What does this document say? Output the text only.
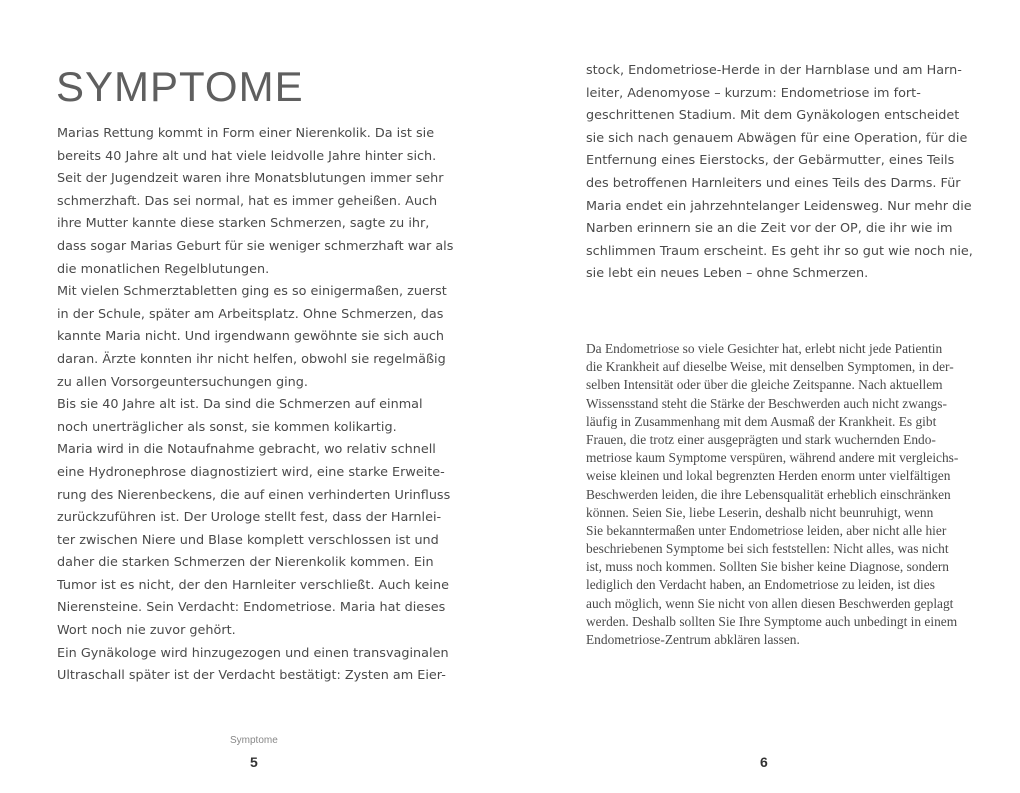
SYMPTOME
Marias Rettung kommt in Form einer Nierenkolik. Da ist sie
bereits 40 Jahre alt und hat viele leidvolle Jahre hinter sich.
Seit der Jugendzeit waren ihre Monatsblutungen immer sehr
schmerzhaft. Das sei normal, hat es immer geheißen. Auch
ihre Mutter kannte diese starken Schmerzen, sagte zu ihr,
dass sogar Marias Geburt für sie weniger schmerzhaft war als
die monatlichen Regelblutungen.
Mit vielen Schmerztabletten ging es so einigermaßen, zuerst
in der Schule, später am Arbeitsplatz. Ohne Schmerzen, das
kannte Maria nicht. Und irgendwann gewöhnte sie sich auch
daran. Ärzte konnten ihr nicht helfen, obwohl sie regelmäßig
zu allen Vorsorgeuntersuchungen ging.
Bis sie 40 Jahre alt ist. Da sind die Schmerzen auf einmal
noch unerträglicher als sonst, sie kommen kolikartig.
Maria wird in die Notaufnahme gebracht, wo relativ schnell
eine Hydronephrose diagnostiziert wird, eine starke Erweite-
rung des Nierenbeckens, die auf einen verhinderten Urinfluss
zurückzuführen ist. Der Urologe stellt fest, dass der Harnlei-
ter zwischen Niere und Blase komplett verschlossen ist und
daher die starken Schmerzen der Nierenkolik kommen. Ein
Tumor ist es nicht, der den Harnleiter verschließt. Auch keine
Nierensteine. Sein Verdacht: Endometriose. Maria hat dieses
Wort noch nie zuvor gehört.
Ein Gynäkologe wird hinzugezogen und einen transvaginalen
Ultraschall später ist der Verdacht bestätigt: Zysten am Eier-
Symptome
5
stock, Endometriose-Herde in der Harnblase und am Harn-
leiter, Adenomyose – kurzum: Endometriose im fort-
geschrittenen Stadium. Mit dem Gynäkologen entscheidet
sie sich nach genauem Abwägen für eine Operation, für die
Entfernung eines Eierstocks, der Gebärmutter, eines Teils
des betroffenen Harnleiters und eines Teils des Darms. Für
Maria endet ein jahrzehntelanger Leidensweg. Nur mehr die
Narben erinnern sie an die Zeit vor der OP, die ihr wie im
schlimmen Traum erscheint. Es geht ihr so gut wie noch nie,
sie lebt ein neues Leben – ohne Schmerzen.
Da Endometriose so viele Gesichter hat, erlebt nicht jede Patientin
die Krankheit auf dieselbe Weise, mit denselben Symptomen, in der-
selben Intensität oder über die gleiche Zeitspanne. Nach aktuellem
Wissensstand steht die Stärke der Beschwerden auch nicht zwangs-
läufig in Zusammenhang mit dem Ausmaß der Krankheit. Es gibt
Frauen, die trotz einer ausgeprägten und stark wuchernden Endo-
metriose kaum Symptome verspüren, während andere mit vergleichs-
weise kleinen und lokal begrenzten Herden enorm unter vielfältigen
Beschwerden leiden, die ihre Lebensqualität erheblich einschränken
können. Seien Sie, liebe Leserin, deshalb nicht beunruhigt, wenn
Sie bekanntermaßen unter Endometriose leiden, aber nicht alle hier
beschriebenen Symptome bei sich feststellen: Nicht alles, was nicht
ist, muss noch kommen. Sollten Sie bisher keine Diagnose, sondern
lediglich den Verdacht haben, an Endometriose zu leiden, ist dies
auch möglich, wenn Sie nicht von allen diesen Beschwerden geplagt
werden. Deshalb sollten Sie Ihre Symptome auch unbedingt in einem
Endometriose-Zentrum abklären lassen.
6
